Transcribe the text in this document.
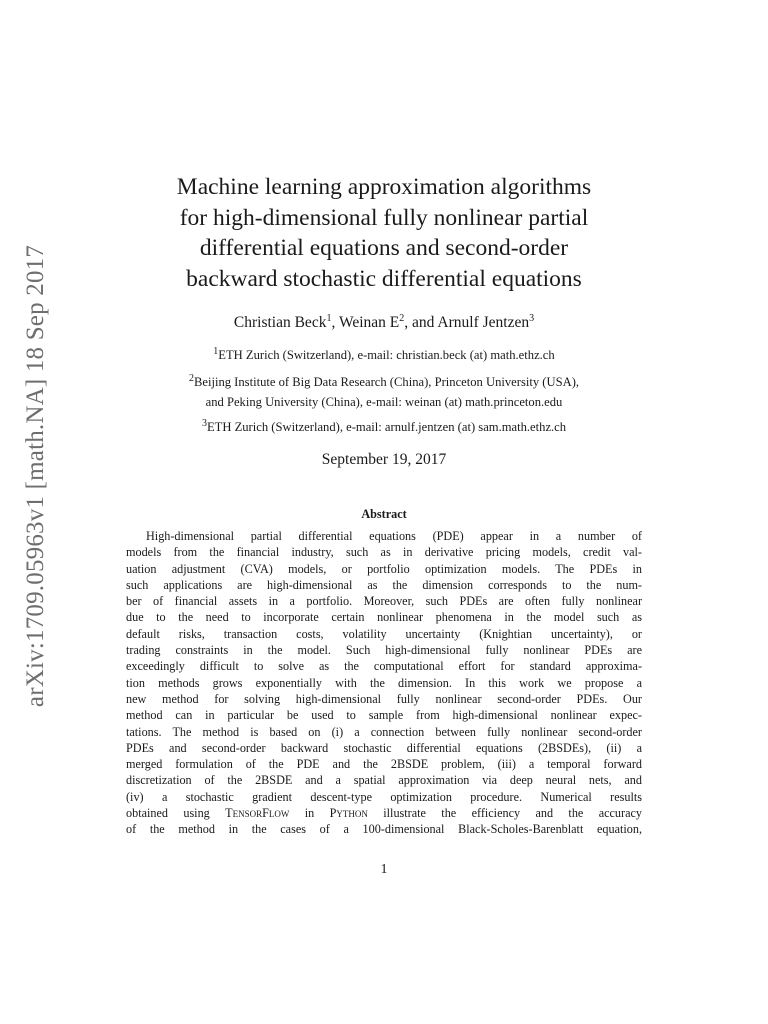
arXiv:1709.05963v1 [math.NA] 18 Sep 2017
Machine learning approximation algorithms
for high-dimensional fully nonlinear partial
differential equations and second-order
backward stochastic differential equations
Christian Beck$^1$, Weinan $E^2$, and Arnulf Jentzen$^3$
$^1$ETH Zurich (Switzerland), e-mail: christian.beck (at) math.ethz.ch
$^2$Beijing Institute of Big Data Research (China), Princeton University (USA),
and Peking University (China), e-mail: weinan (at) math.princeton.edu
$^3$ETH Zurich (Switzerland), e-mail: arnulf.jentzen (at) sam.math.ethz.ch
September 19, 2017
Abstract
High-dimensional partial differential equations (PDE) appear in a number of
models from the financial industry, such as in derivative pricing models, credit val-
uation adjustment (CVA) models, or portfolio optimization models. The PDEs in
such applications are high-dimensional as the dimension corresponds to the num-
ber of financial assets in a portfolio. Moreover, such PDEs are often fully nonlinear
due to the need to incorporate certain nonlinear phenomena in the model such as
default risks, transaction costs, volatility uncertainty (Knightian uncertainty), or
trading constraints in the model. Such high-dimensional fully nonlinear PDEs are
exceedingly difficult to solve as the computational effort for standard approxima-
tion methods grows exponentially with the dimension. In this work we propose a
new method for solving high-dimensional fully nonlinear second-order PDEs. Our
method can in particular be used to sample from high-dimensional nonlinear expec-
tations. The method is based on (i) a connection between fully nonlinear second-order
PDEs and second-order backward stochastic differential equations (2BSDEs), (ii) a
merged formulation of the PDE and the 2BSDE problem, (iii) a temporal forward
discretization of the 2BSDE and a spatial approximation via deep neural nets, and
(iv) a stochastic gradient descent-type optimization procedure. Numerical results
obtained using TensorFlow in Python illustrate the efficiency and the accuracy
of the method in the cases of a 100-dimensional Black-Scholes-Barenblatt equation,
1
